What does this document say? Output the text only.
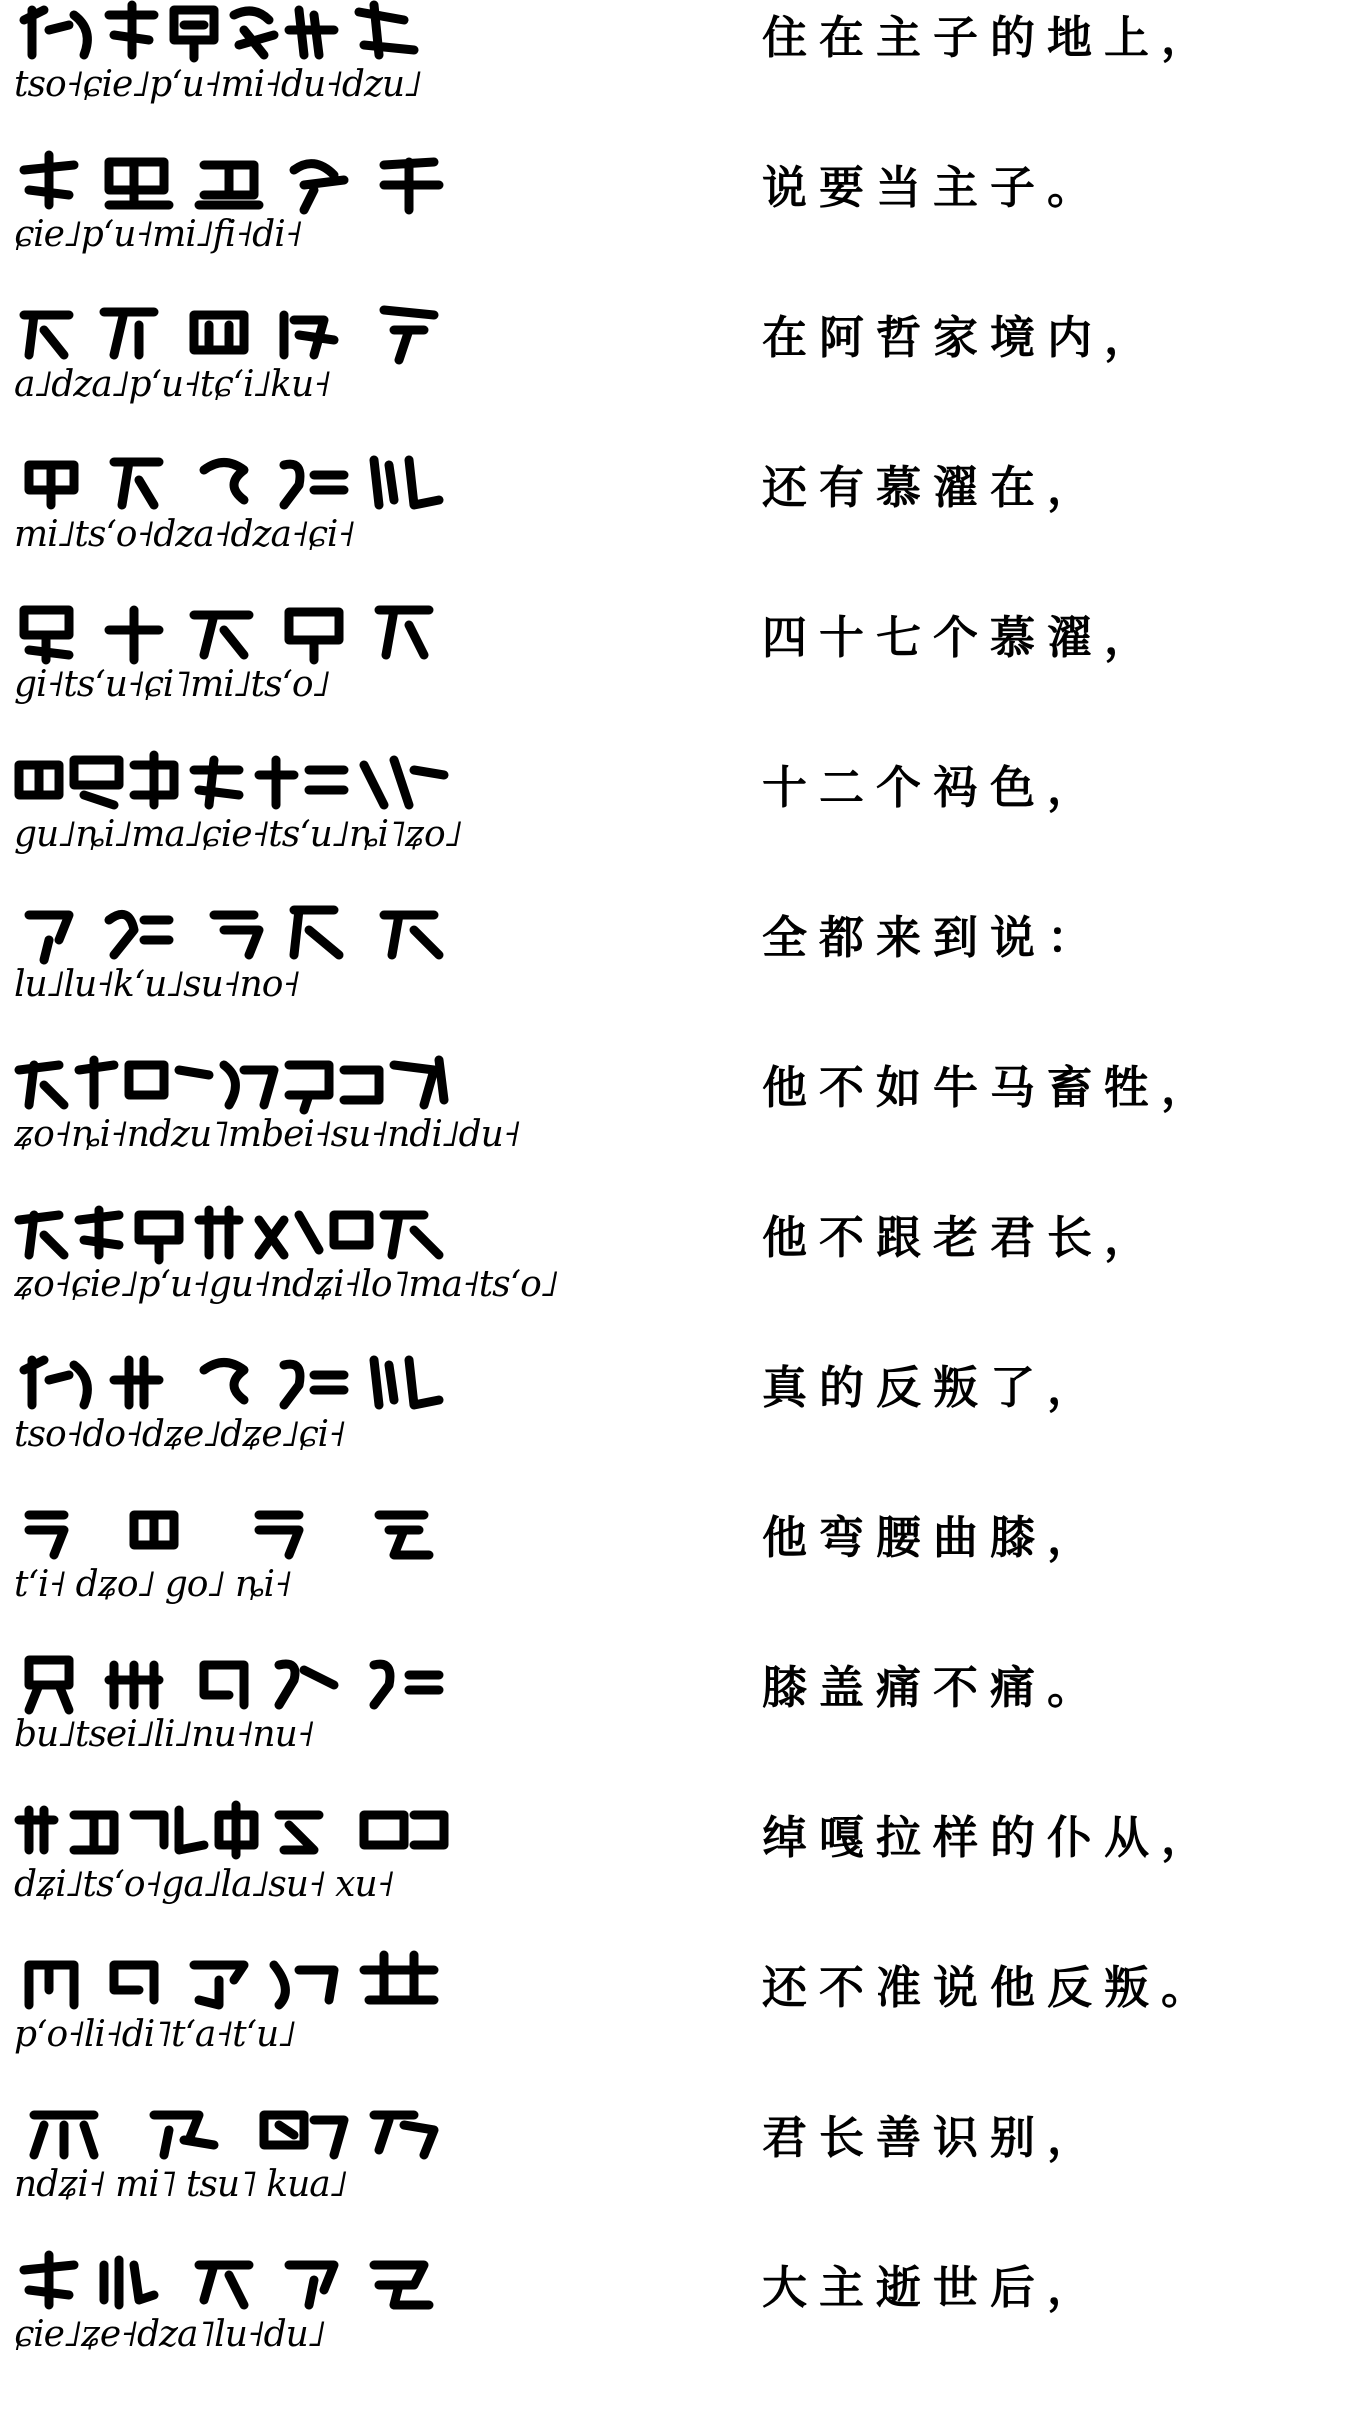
tso˧ɕie˩pʻu˧mi˧du˧dzu˩
住在主子的地上，
ɕie˩pʻu˧mi˩fi˧di˧
说要当主子。
a˩dza˩pʻu˧tɕʻi˩ku˧
在阿哲家境内，
mi˩tsʻo˧dza˧dza˧ɕi˧
还有慕濯在，
gi˧tsʻu˧ɕi˥mi˩tsʻo˩
四十七个慕濯，
gu˩ȵi˩ma˩ɕie˧tsʻu˩ȵi˥ʑo˩
十二个祃色，
lu˩lu˧kʻu˩su˧no˧
全都来到说：
ʑo˧ȵi˧ndzu˥mbei˧su˧ndi˩du˧
他不如牛马畜牲，
ʑo˧ɕie˩pʻu˧gu˧ndʑi˧lo˥ma˧tsʻo˩
他不跟老君长，
tso˧do˧dʑe˩dʑe˩ɕi˧
真的反叛了，
tʻi˧ dʑo˩ go˩ ȵi˧
他弯腰曲膝，
bu˩tsei˩li˩nu˧nu˧
膝盖痛不痛。
dʑi˩tsʻo˧ga˩la˩su˧ xu˧
绰嘎拉样的仆从，
pʻo˧li˧di˥tʻa˧tʻu˩
还不准说他反叛。
ndʑi˧ mi˥ tsu˥ kua˩
君长善识别，
ɕie˩ʑe˧dza˥lu˧du˩
大主逝世后，
